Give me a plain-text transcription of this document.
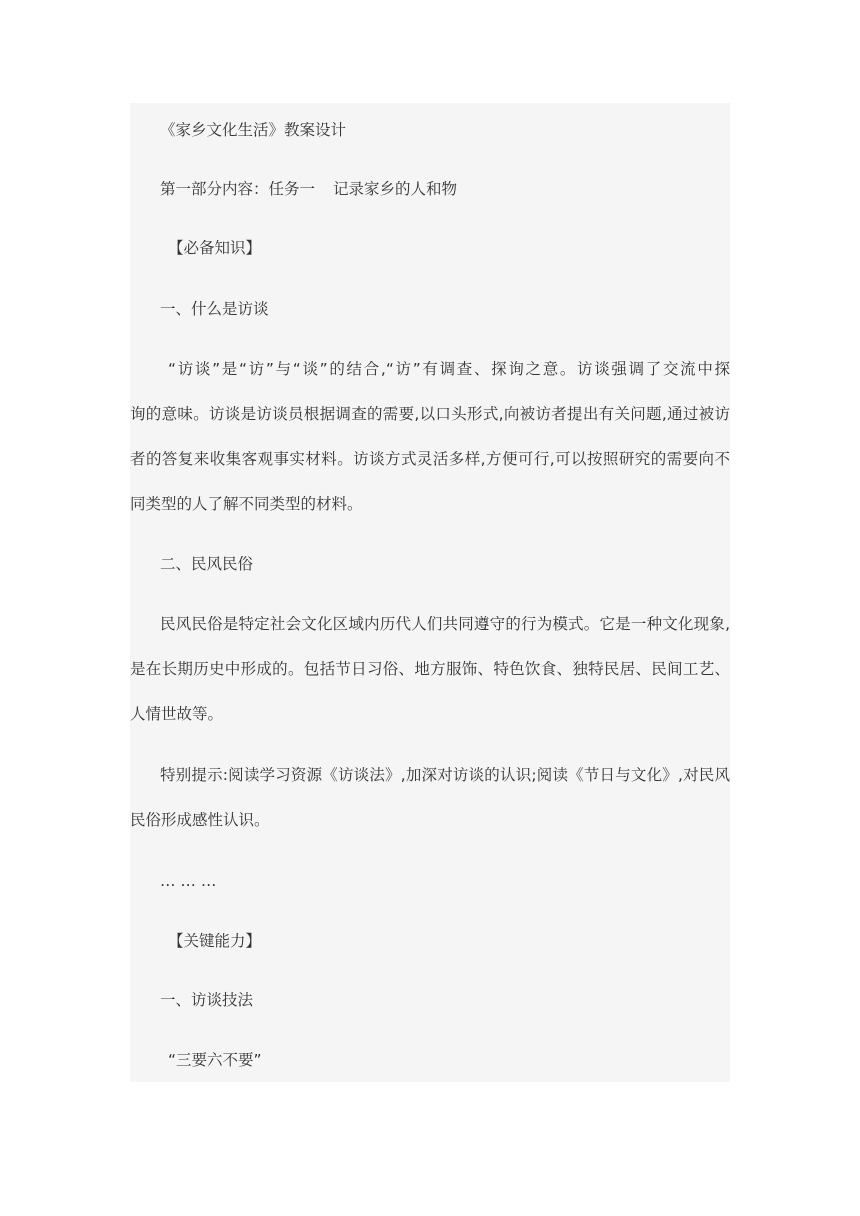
《家乡文化生活》教案设计
第一部分内容：任务一 记录家乡的人和物
【必备知识】
一、什么是访谈
“访谈”是“访”与“谈”的结合,“访”有调查、探询之意。访谈强调了交流中探
询的意味。访谈是访谈员根据调查的需要,以口头形式,向被访者提出有关问题,通过被访
者的答复来收集客观事实材料。访谈方式灵活多样,方便可行,可以按照研究的需要向不
同类型的人了解不同类型的材料。
二、民风民俗
民风民俗是特定社会文化区域内历代人们共同遵守的行为模式。它是一种文化现象,
是在长期历史中形成的。包括节日习俗、地方服饰、特色饮食、独特民居、民间工艺、
人情世故等。
特别提示:阅读学习资源《访谈法》,加深对访谈的认识;阅读《节日与文化》,对民风
民俗形成感性认识。
… … …
【关键能力】
一、访谈技法
“三要六不要”
